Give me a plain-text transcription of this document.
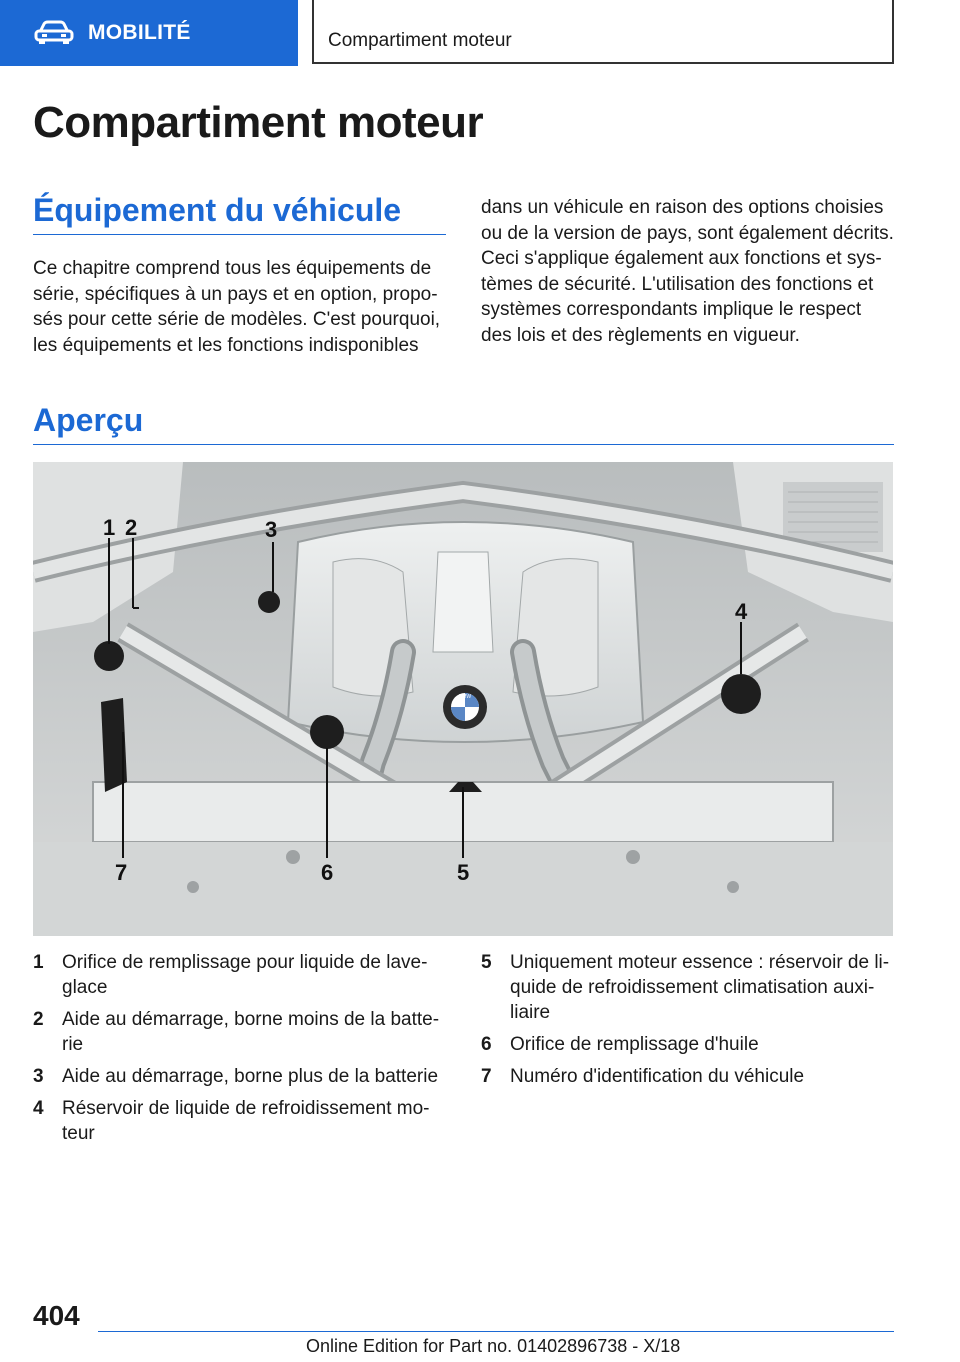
MOBILITÉ	Compartiment moteur
Compartiment moteur
Équipement du véhicule

Ce chapitre comprend tous les équipements de

série, spécifiques à un pays et en option, propo-

sés pour cette série de modèles. C'est pourquoi,

les équipements et les fonctions indisponibles

dans un véhicule en raison des options choisies

ou de la version de pays, sont également décrits.

Ceci s'applique également aux fonctions et sys-

tèmes de sécurité. L'utilisation des fonctions et

systèmes correspondants implique le respect

des lois et des règlements en vigueur.

Aperçu
BMW
1 2	3
4
5
6
7
1 Orifice de remplissage pour liquide de lave-
glace
2 Aide au démarrage, borne moins de la batte-
rie
3 Aide au démarrage, borne plus de la batterie
4 Réservoir de liquide de refroidissement mo-
teur
5 Uniquement moteur essence : réservoir de li-
quide de refroidissement climatisation auxi-
liaire
6 Orifice de remplissage d'huile
7 Numéro d'identification du véhicule
404
Online Edition for Part no. 01402896738 - X/18
